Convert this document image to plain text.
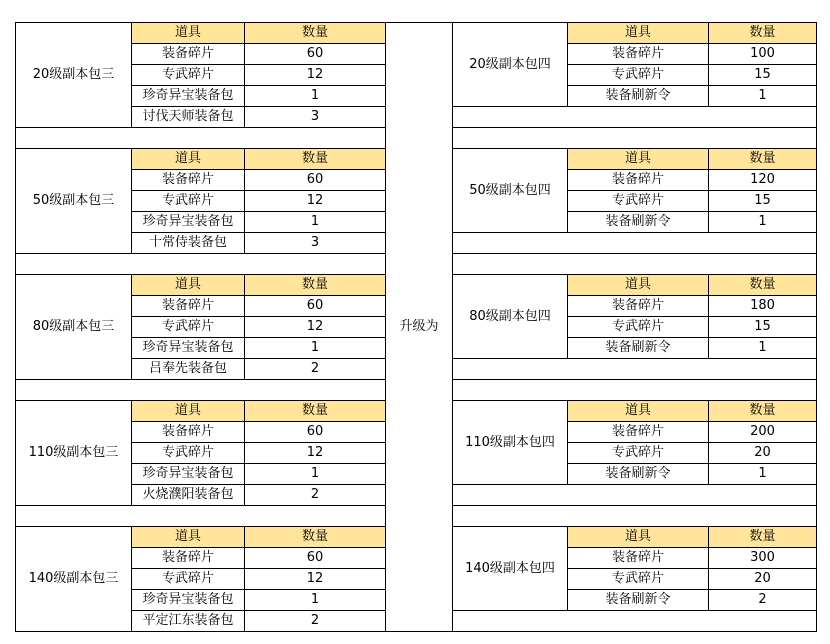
20级副本包三	道具	数量	升级为	20级副本包四	道具	数量
	装备碎片	60			装备碎片	100
	专武碎片	12			专武碎片	15
	珍奇异宝装备包	1			装备刷新令	1
	讨伐天师装备包	3				

50级副本包三	道具	数量		50级副本包四	道具	数量
	装备碎片	60			装备碎片	120
	专武碎片	12			专武碎片	15
	珍奇异宝装备包	1			装备刷新令	1
	十常侍装备包	3				

80级副本包三	道具	数量		80级副本包四	道具	数量
	装备碎片	60			装备碎片	180
	专武碎片	12			专武碎片	15
	珍奇异宝装备包	1			装备刷新令	1
	吕奉先装备包	2				

110级副本包三	道具	数量		110级副本包四	道具	数量
	装备碎片	60			装备碎片	200
	专武碎片	12			专武碎片	20
	珍奇异宝装备包	1			装备刷新令	1
	火烧濮阳装备包	2				

140级副本包三	道具	数量		140级副本包四	道具	数量
	装备碎片	60			装备碎片	300
	专武碎片	12			专武碎片	20
	珍奇异宝装备包	1			装备刷新令	2
	平定江东装备包	2				
